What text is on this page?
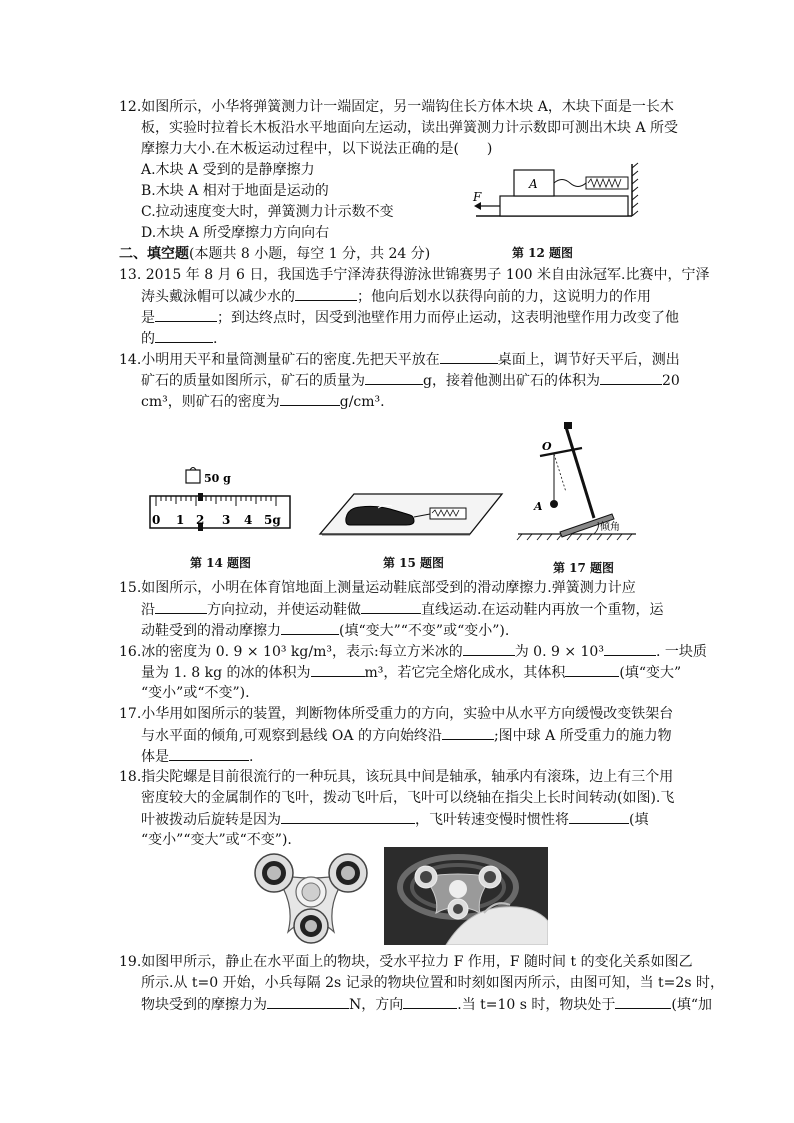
12.如图所示，小华将弹簧测力计一端固定，另一端钩住长方体木块 A，木块下面是一长木
板，实验时拉着长木板沿水平地面向左运动，读出弹簧测力计示数即可测出木块 A 所受
摩擦力大小.在木板运动过程中，以下说法正确的是(　　)
A.木块 A 受到的是静摩擦力
B.木块 A 相对于地面是运动的
C.拉动速度变大时，弹簧测力计示数不变
D.木块 A 所受摩擦力方向向右
A
F
第 12 题图
二、填空题(本题共 8 小题，每空 1 分，共 24 分)
13. 2015 年 8 月 6 日，我国选手宁泽涛获得游泳世锦赛男子 100 米自由泳冠军.比赛中，宁泽
涛头戴泳帽可以减少水的	；他向后划水以获得向前的力，这说明力的作用
是	；到达终点时，因受到池壁作用力而停止运动，这表明池壁作用力改变了他
的	.
14.小明用天平和量筒测量矿石的密度.先把天平放在	桌面上，调节好天平后，测出
矿石的质量如图所示，矿石的质量为	g，接着他测出矿石的体积为	20
cm³，则矿石的密度为	g/cm³.
50 g
0 1 2 3 4 5g
O
A
倾角
第 14 题图	第 15 题图	第 17 题图
15.如图所示，小明在体育馆地面上测量运动鞋底部受到的滑动摩擦力.弹簧测力计应
沿	方向拉动，并使运动鞋做	直线运动.在运动鞋内再放一个重物，运
动鞋受到的滑动摩擦力	(填“变大”“不变”或“变小”).
16.冰的密度为 0. 9 × 10³ kg/m³，表示:每立方米冰的	为 0. 9 × 10³	. 一块质
量为 1. 8 kg 的冰的体积为	m³，若它完全熔化成水，其体积	(填“变大”
“变小”或“不变”).
17.小华用如图所示的装置，判断物体所受重力的方向，实验中从水平方向缓慢改变铁架台
与水平面的倾角,可观察到悬线 OA 的方向始终沿	;图中球 A 所受重力的施力物
体是	.
18.指尖陀螺是目前很流行的一种玩具，该玩具中间是轴承，轴承内有滚珠，边上有三个用
密度较大的金属制作的飞叶，拨动飞叶后，飞叶可以绕轴在指尖上长时间转动(如图).飞
叶被拨动后旋转是因为	，飞叶转速变慢时惯性将	(填
“变小”“变大”或“不变”).
19.如图甲所示，静止在水平面上的物块，受水平拉力 F 作用，F 随时间 t 的变化关系如图乙
所示.从 t=0 开始，小兵每隔 2s 记录的物块位置和时刻如图丙所示，由图可知，当 t=2s 时，
物块受到的摩擦力为	N，方向	.当 t=10 s 时，物块处于	(填“加
